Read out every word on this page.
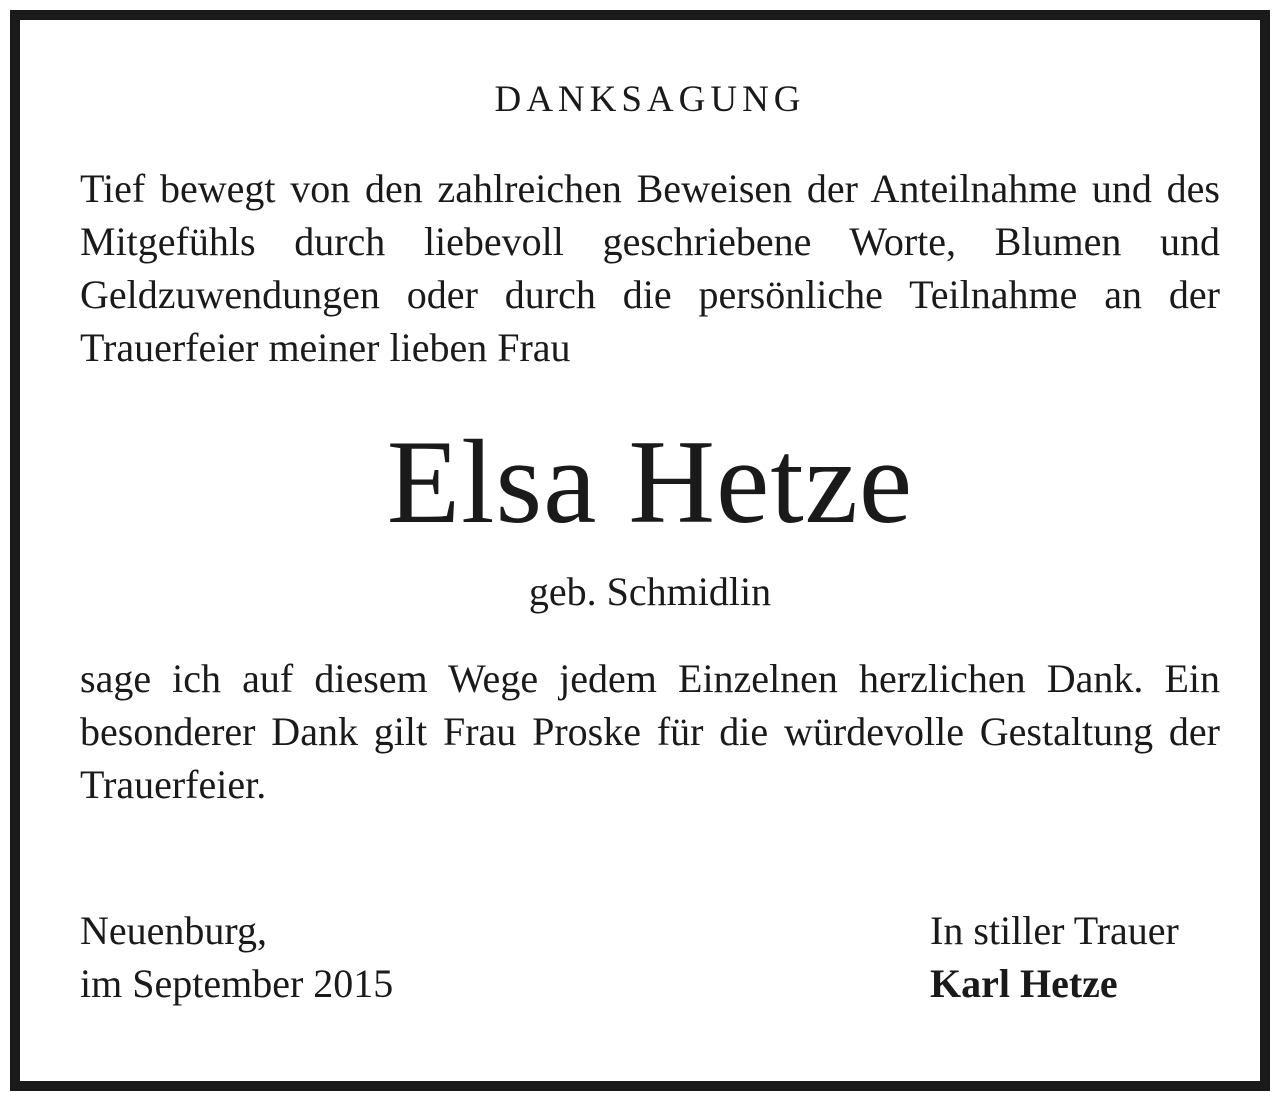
DANKSAGUNG
Tief bewegt von den zahlreichen Beweisen der Anteilnahme und des Mitgefühls durch liebevoll geschriebene Worte, Blumen und Geldzuwendungen oder durch die persönliche Teilnahme an der Trauerfeier meiner lieben Frau
Elsa Hetze
geb. Schmidlin
sage ich auf diesem Wege jedem Einzelnen herzlichen Dank. Ein besonderer Dank gilt Frau Proske für die würdevolle Gestaltung der Trauerfeier.
Neuenburg,
im September 2015
In stiller Trauer
Karl Hetze
